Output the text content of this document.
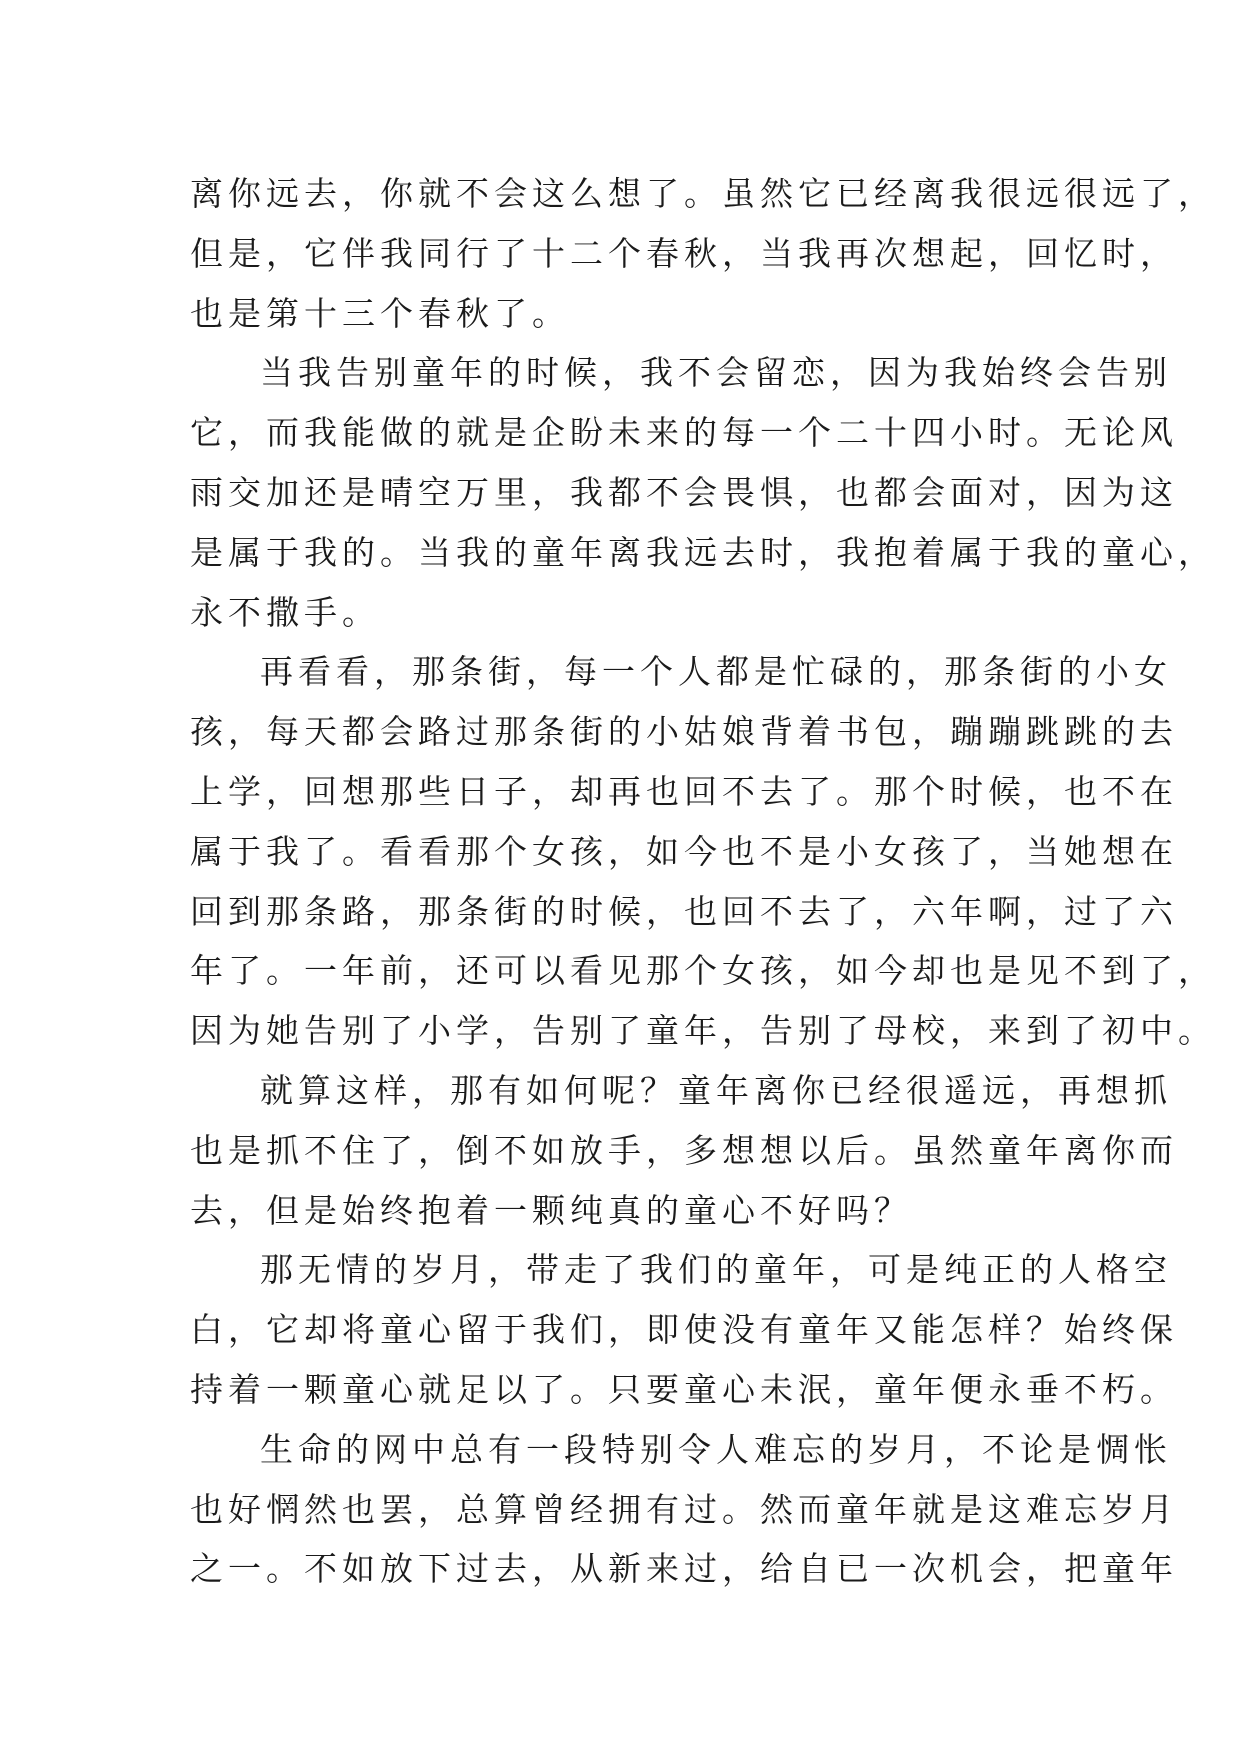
离你远去，你就不会这么想了。虽然它已经离我很远很远了，
但是，它伴我同行了十二个春秋，当我再次想起，回忆时，
也是第十三个春秋了。
当我告别童年的时候，我不会留恋，因为我始终会告别
它，而我能做的就是企盼未来的每一个二十四小时。无论风
雨交加还是晴空万里，我都不会畏惧，也都会面对，因为这
是属于我的。当我的童年离我远去时，我抱着属于我的童心，
永不撒手。
再看看，那条街，每一个人都是忙碌的，那条街的小女
孩，每天都会路过那条街的小姑娘背着书包，蹦蹦跳跳的去
上学，回想那些日子，却再也回不去了。那个时候，也不在
属于我了。看看那个女孩，如今也不是小女孩了，当她想在
回到那条路，那条街的时候，也回不去了，六年啊，过了六
年了。一年前，还可以看见那个女孩，如今却也是见不到了，
因为她告别了小学，告别了童年，告别了母校，来到了初中。
就算这样，那有如何呢？童年离你已经很遥远，再想抓
也是抓不住了，倒不如放手，多想想以后。虽然童年离你而
去，但是始终抱着一颗纯真的童心不好吗？
那无情的岁月，带走了我们的童年，可是纯正的人格空
白，它却将童心留于我们，即使没有童年又能怎样？始终保
持着一颗童心就足以了。只要童心未泯，童年便永垂不朽。
生命的网中总有一段特别令人难忘的岁月，不论是惆怅
也好惘然也罢，总算曾经拥有过。然而童年就是这难忘岁月
之一。不如放下过去，从新来过，给自已一次机会，把童年
